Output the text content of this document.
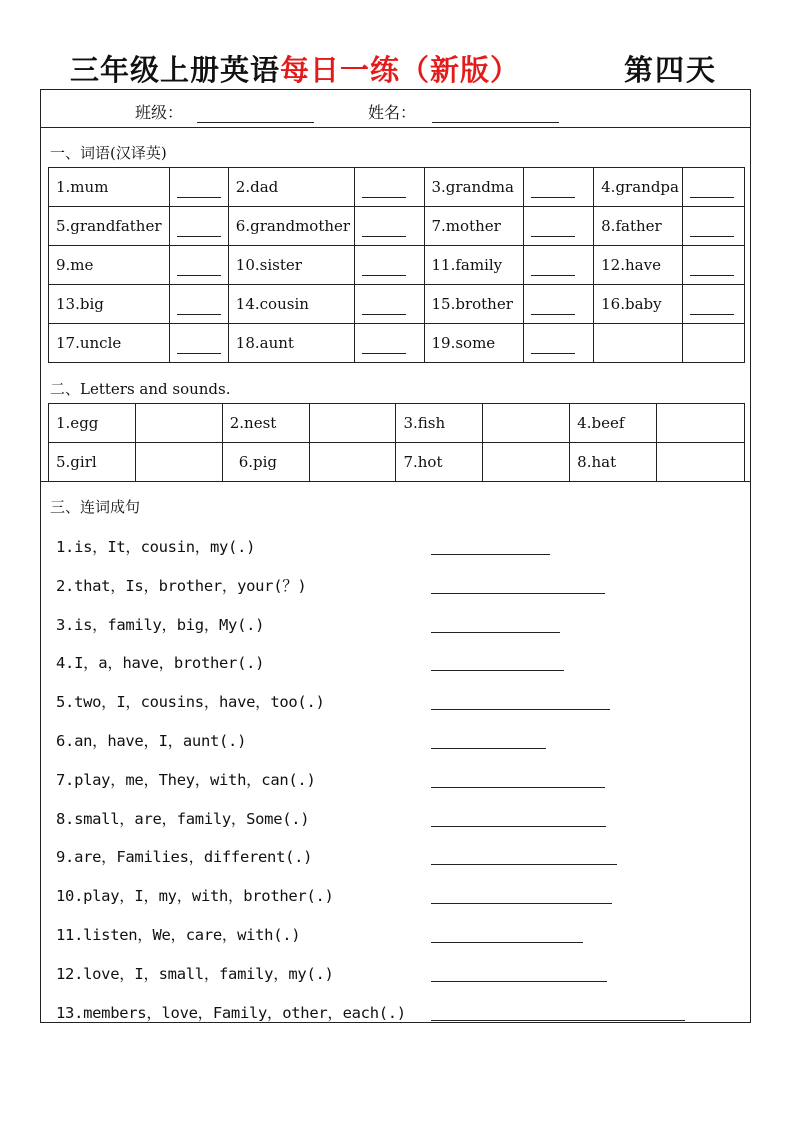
三年级上册英语每日一练（新版）	第四天
班级：	姓名：
一、词语(汉译英)
1.mum		2.dad		3.grandma		4.grandpa	
5.grandfather		6.grandmother		7.mother		8.father	
9.me		10.sister		11.family		12.have	
13.big		14.cousin		15.brother		16.baby	
17.uncle		18.aunt		19.some			
二、Letters and sounds.
1.egg		2.nest		3.fish		4.beef	
5.girl		6.pig		7.hot		8.hat	
三、连词成句
1.is，It，cousin，my(.)
2.that，Is，brother，your(？)
3.is，family，big，My(.)
4.I，a，have，brother(.)
5.two，I，cousins，have，too(.)
6.an，have，I，aunt(.)
7.play，me，They，with，can(.)
8.small，are，family，Some(.)
9.are，Families，different(.)
10.play，I，my，with，brother(.)
11.listen，We，care，with(.)
12.love，I，small，family，my(.)
13.members，love，Family，other，each(.)
